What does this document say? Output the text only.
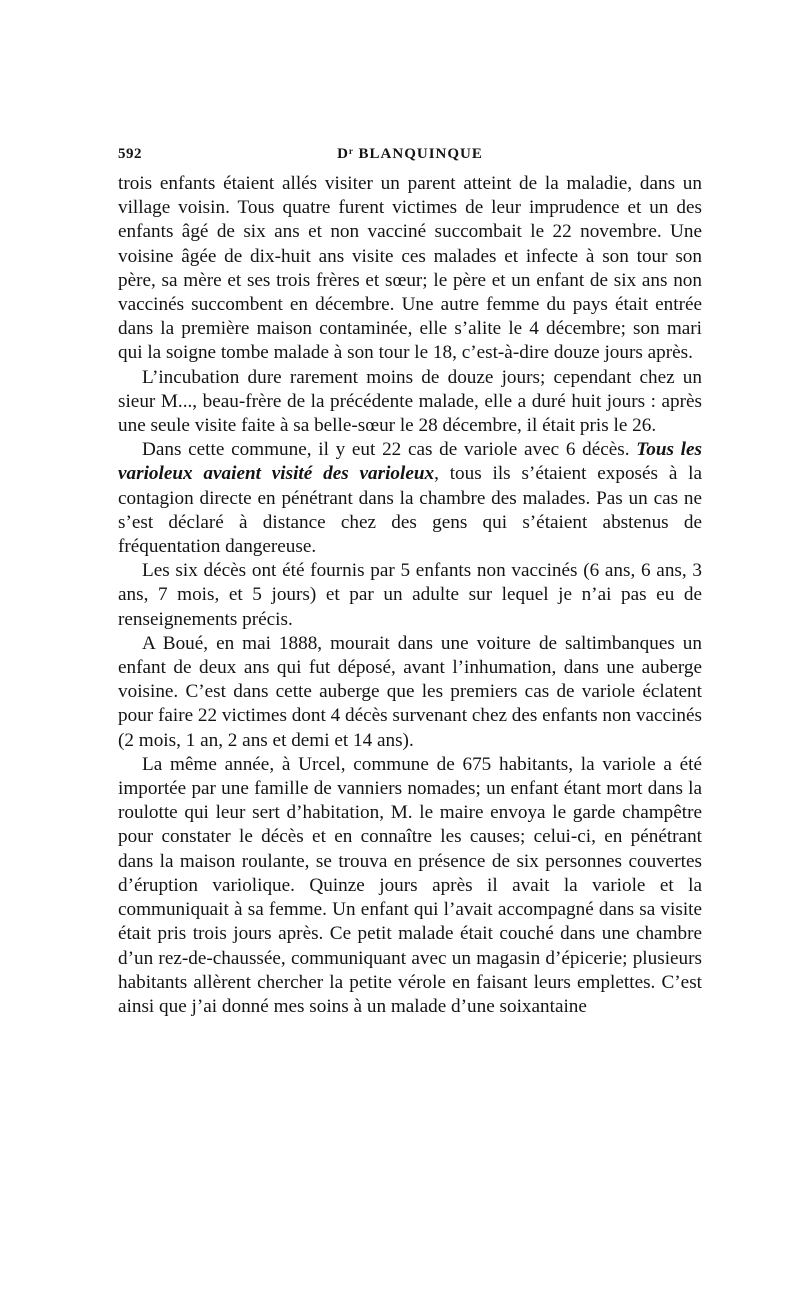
592	Dʳ BLANQUINQUE

trois enfants étaient allés visiter un parent atteint de la maladie, dans un village voisin. Tous quatre furent victimes de leur imprudence et un des enfants âgé de six ans et non vacciné succombait le 22 novembre. Une voisine âgée de dix-huit ans visite ces malades et infecte à son tour son père, sa mère et ses trois frères et sœur; le père et un enfant de six ans non vaccinés succombent en décembre. Une autre femme du pays était entrée dans la première maison contaminée, elle s’alite le 4 décembre; son mari qui la soigne tombe malade à son tour le 18, c’est-à-dire douze jours après.

L’incubation dure rarement moins de douze jours; cependant chez un sieur M..., beau-frère de la précédente malade, elle a duré huit jours : après une seule visite faite à sa belle-sœur le 28 décembre, il était pris le 26.

Dans cette commune, il y eut 22 cas de variole avec 6 décès. Tous les varioleux avaient visité des varioleux, tous ils s’étaient exposés à la contagion directe en pénétrant dans la chambre des malades. Pas un cas ne s’est déclaré à distance chez des gens qui s’étaient abstenus de fréquentation dangereuse.

Les six décès ont été fournis par 5 enfants non vaccinés (6 ans, 6 ans, 3 ans, 7 mois, et 5 jours) et par un adulte sur lequel je n’ai pas eu de renseignements précis.

A Boué, en mai 1888, mourait dans une voiture de saltimbanques un enfant de deux ans qui fut déposé, avant l’inhumation, dans une auberge voisine. C’est dans cette auberge que les premiers cas de variole éclatent pour faire 22 victimes dont 4 décès survenant chez des enfants non vaccinés (2 mois, 1 an, 2 ans et demi et 14 ans).

La même année, à Urcel, commune de 675 habitants, la variole a été importée par une famille de vanniers nomades; un enfant étant mort dans la roulotte qui leur sert d’habitation, M. le maire envoya le garde champêtre pour constater le décès et en connaître les causes; celui-ci, en pénétrant dans la maison roulante, se trouva en présence de six personnes couvertes d’éruption variolique. Quinze jours après il avait la variole et la communiquait à sa femme. Un enfant qui l’avait accompagné dans sa visite était pris trois jours après. Ce petit malade était couché dans une chambre d’un rez-de-chaussée, communiquant avec un magasin d’épicerie; plusieurs habitants allèrent chercher la petite vérole en faisant leurs emplettes. C’est ainsi que j’ai donné mes soins à un malade d’une soixantaine
